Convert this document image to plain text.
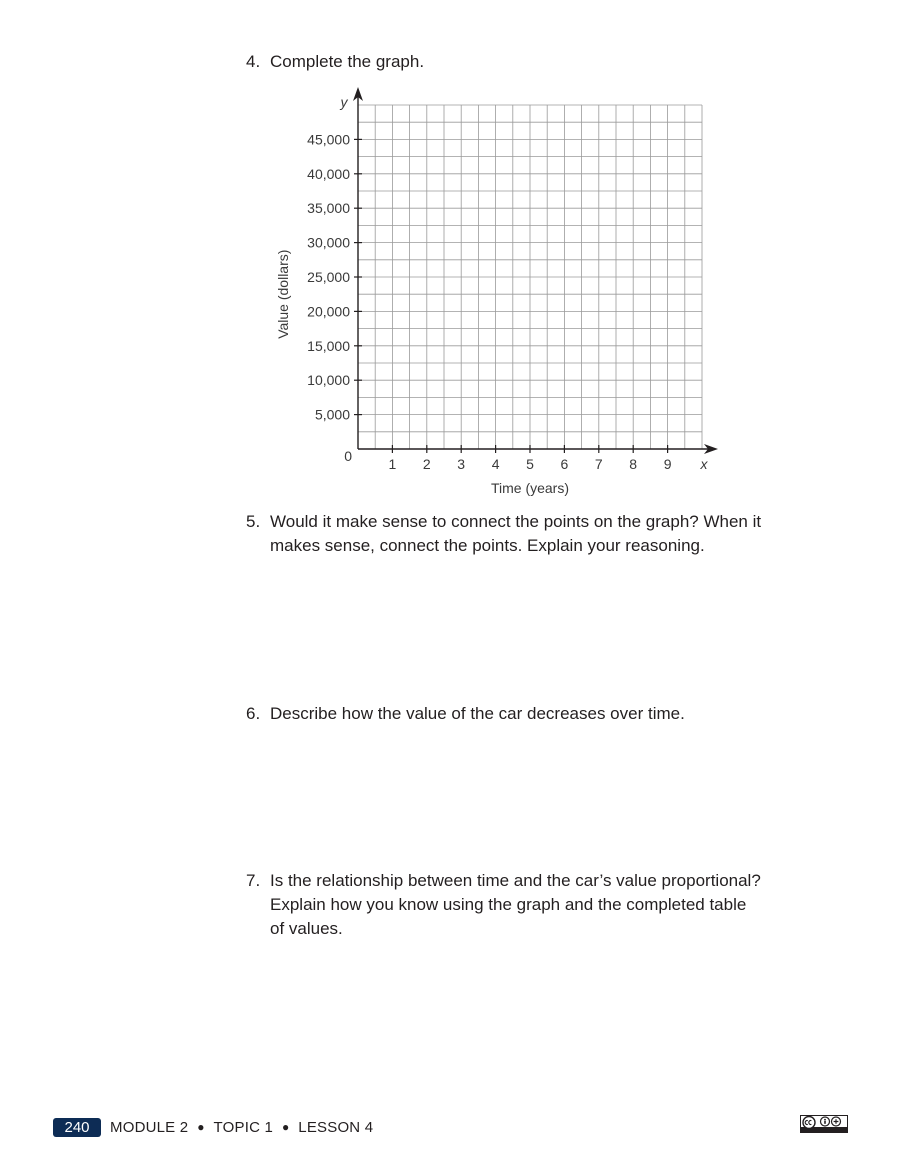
4. Complete the graph.
1 2 3 4 5 6 7 8 9
5,000
10,000
15,000
20,000
25,000
30,000
35,000
40,000
45,000
0	x
y
Time (years)
Value (dollars)
5. Would it make sense to connect the points on the graph? When it
makes sense, connect the points. Explain your reasoning.
6. Describe how the value of the car decreases over time.
7. Is the relationship between time and the car’s value proportional?
Explain how you know using the graph and the completed table
of values.
240	MODULE 2 ● TOPIC 1 ● LESSON 4
